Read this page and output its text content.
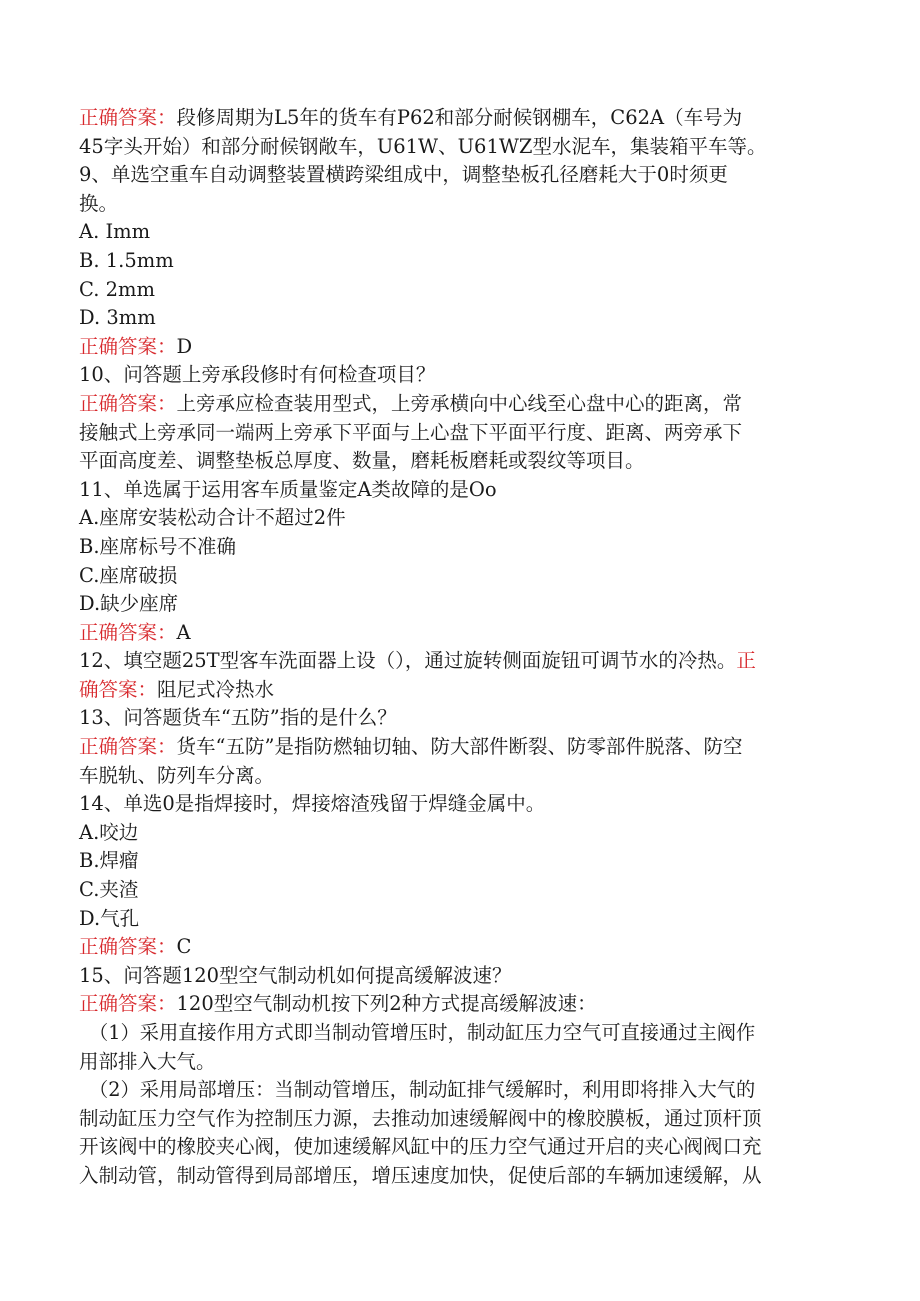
正确答案：段修周期为L5年的货车有P62和部分耐候钢棚车，C62A（车号为
45字头开始）和部分耐候钢敞车，U61W、U61WZ型水泥车，集装箱平车等。
9、单选空重车自动调整装置横跨梁组成中，调整垫板孔径磨耗大于0时须更
换。
A. Imm
B. 1.5mm
C. 2mm
D. 3mm
正确答案：D
10、问答题上旁承段修时有何检查项目？
正确答案：上旁承应检查装用型式，上旁承横向中心线至心盘中心的距离，常
接触式上旁承同一端两上旁承下平面与上心盘下平面平行度、距离、两旁承下
平面高度差、调整垫板总厚度、数量，磨耗板磨耗或裂纹等项目。
11、单选属于运用客车质量鉴定A类故障的是Oo
A.座席安装松动合计不超过2件
B.座席标号不准确
C.座席破损
D.缺少座席
正确答案：A
12、填空题25T型客车洗面器上设（），通过旋转侧面旋钮可调节水的冷热。正
确答案：阻尼式冷热水
13、问答题货车“五防”指的是什么？
正确答案：货车“五防”是指防燃轴切轴、防大部件断裂、防零部件脱落、防空
车脱轨、防列车分离。
14、单选0是指焊接时，焊接熔渣残留于焊缝金属中。
A.咬边
B.焊瘤
C.夹渣
D.气孔
正确答案：C
15、问答题120型空气制动机如何提高缓解波速？
正确答案：120型空气制动机按下列2种方式提高缓解波速：
（1）采用直接作用方式即当制动管增压时，制动缸压力空气可直接通过主阀作
用部排入大气。
（2）采用局部增压：当制动管增压，制动缸排气缓解时，利用即将排入大气的
制动缸压力空气作为控制压力源，去推动加速缓解阀中的橡胶膜板，通过顶杆顶
开该阀中的橡胶夹心阀，使加速缓解风缸中的压力空气通过开启的夹心阀阀口充
入制动管，制动管得到局部增压，增压速度加快，促使后部的车辆加速缓解，从
